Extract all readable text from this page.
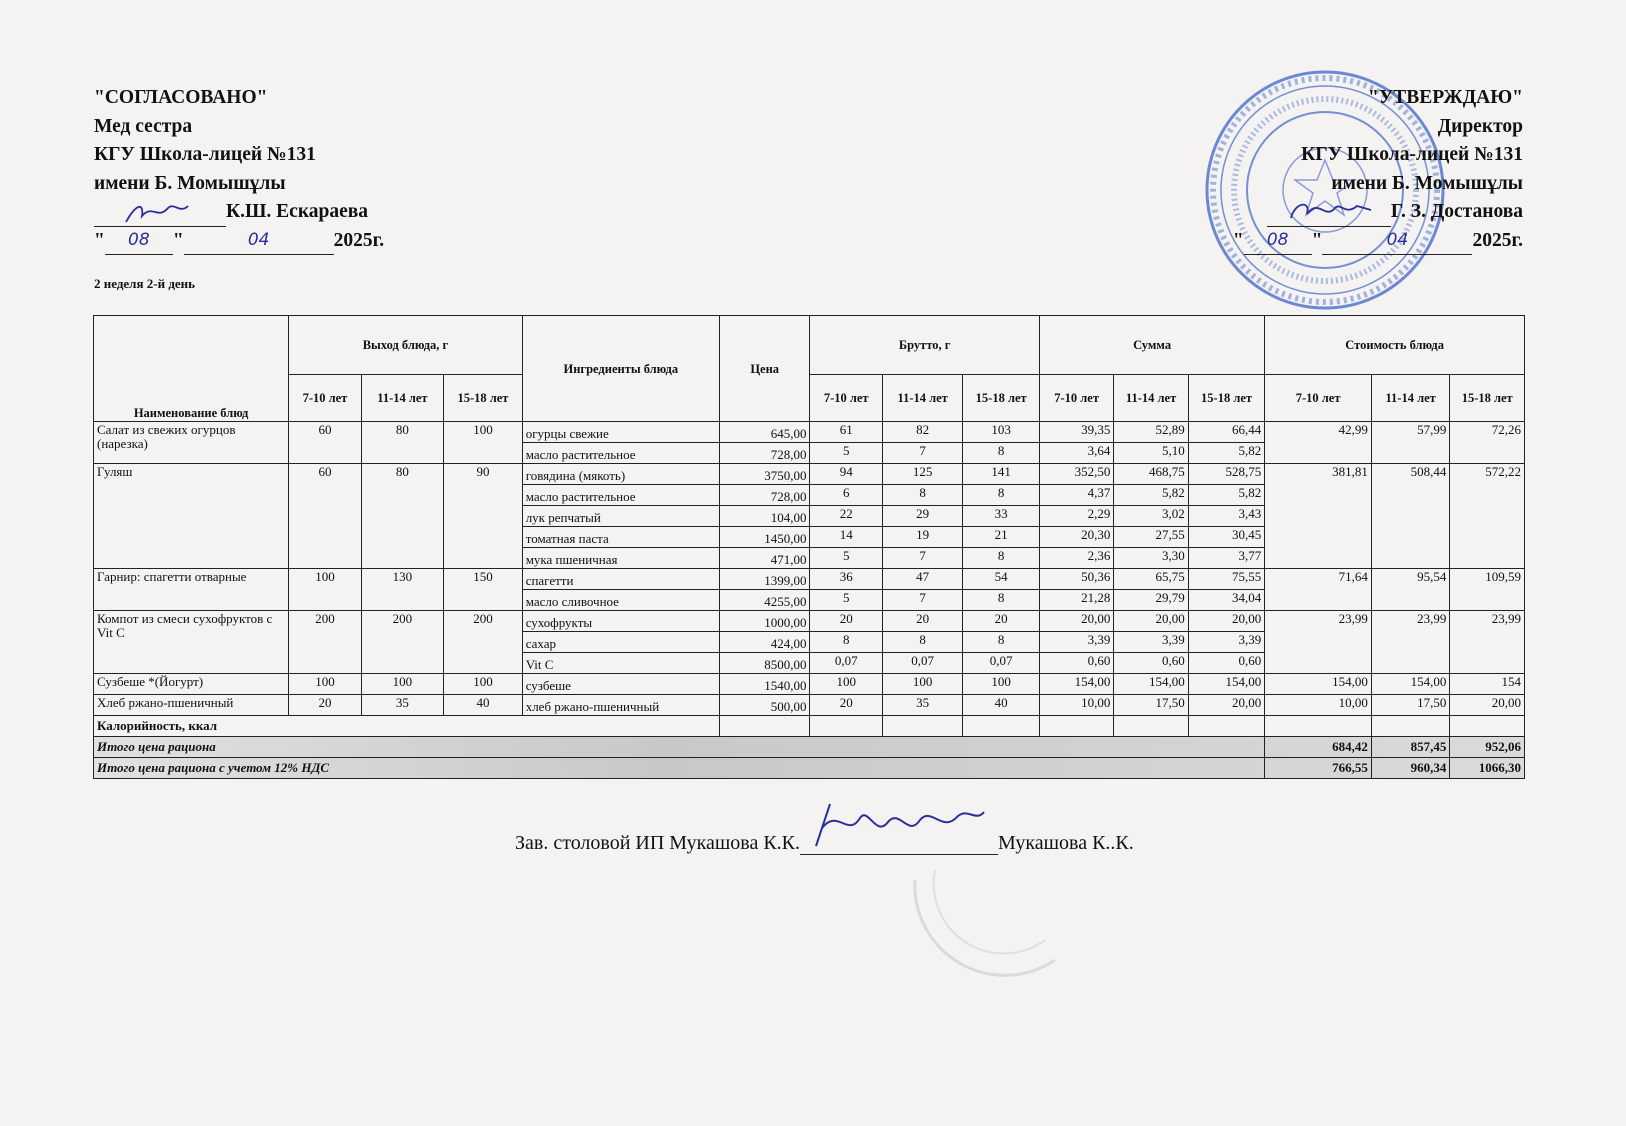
"СОГЛАСОВАНО"
Мед сестра
КГУ Школа-лицей №131
имени Б. Момышұлы
К.Ш. Ескараева
"	08	"	04	2025г.
"УТВЕРЖДАЮ"
Директор
КГУ Школа-лицей №131
имени Б. Момышұлы
Г. З. Достанова
"	08	"	04	2025г.
2 неделя 2-й день
Наименование блюд	Выход блюда, г			Ингредиенты блюда	Цена	Брутто, г			Сумма			Стоимость блюда		
	7-10 лет	11-14 лет	15-18 лет			7-10 лет	11-14 лет	15-18 лет	7-10 лет	11-14 лет	15-18 лет	7-10 лет	11-14 лет	15-18 лет
Салат из свежих огурцов (нарезка)	60	80	100	огурцы свежие	645,00	61	82	103	39,35	52,89	66,44	42,99	57,99	72,26
				масло растительное	728,00	5	7	8	3,64	5,10	5,82			
Гуляш	60	80	90	говядина (мякоть)	3750,00	94	125	141	352,50	468,75	528,75	381,81	508,44	572,22
				масло растительное	728,00	6	8	8	4,37	5,82	5,82			
				лук репчатый	104,00	22	29	33	2,29	3,02	3,43			
				томатная паста	1450,00	14	19	21	20,30	27,55	30,45			
				мука пшеничная	471,00	5	7	8	2,36	3,30	3,77			
Гарнир: спагетти отварные	100	130	150	спагетти	1399,00	36	47	54	50,36	65,75	75,55	71,64	95,54	109,59
				масло сливочное	4255,00	5	7	8	21,28	29,79	34,04			
Компот из смеси сухофруктов с Vit C	200	200	200	сухофрукты	1000,00	20	20	20	20,00	20,00	20,00	23,99	23,99	23,99
				сахар	424,00	8	8	8	3,39	3,39	3,39			
				Vit C	8500,00	0,07	0,07	0,07	0,60	0,60	0,60			
Сузбеше *(Йогурт)	100	100	100	сузбеше	1540,00	100	100	100	154,00	154,00	154,00	154,00	154,00	154
Хлеб ржано-пшеничный	20	35	40	хлеб ржано-пшеничный	500,00	20	35	40	10,00	17,50	20,00	10,00	17,50	20,00
Калорийность, ккал														
Итого цена рациона												684,42	857,45	952,06
Итого цена рациона с учетом 12% НДС												766,55	960,34	1066,30
Зав. столовой ИП Мукашова К.К.	Мукашова К..К.
